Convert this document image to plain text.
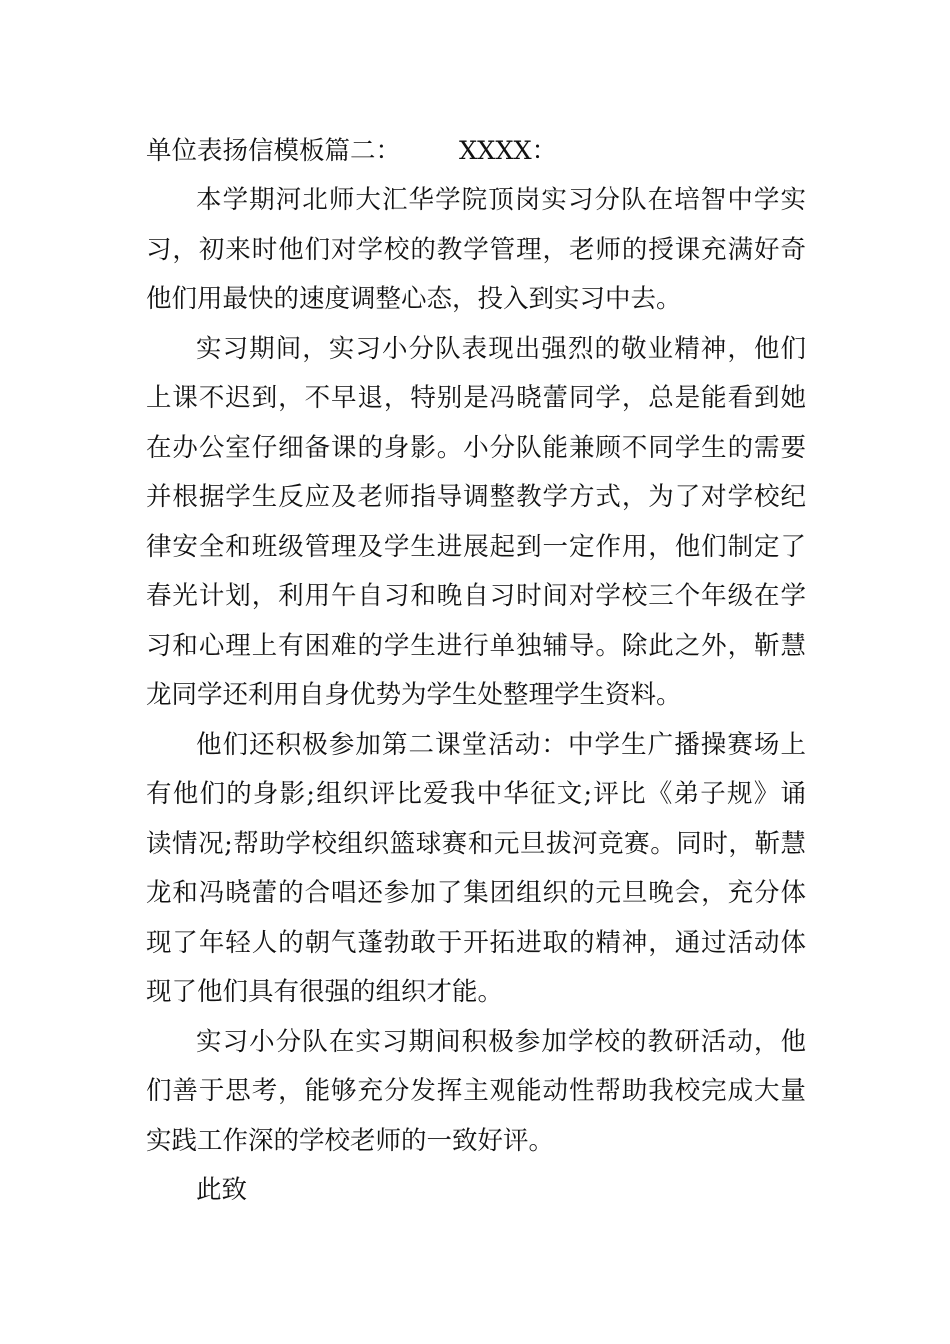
单位表扬信模板篇二： XXXX：
本学期河北师大汇华学院顶岗实习分队在培智中学实
习，初来时他们对学校的教学管理，老师的授课充满好奇
他们用最快的速度调整心态，投入到实习中去。
实习期间，实习小分队表现出强烈的敬业精神，他们
上课不迟到，不早退，特别是冯晓蕾同学，总是能看到她
在办公室仔细备课的身影。小分队能兼顾不同学生的需要
并根据学生反应及老师指导调整教学方式，为了对学校纪
律安全和班级管理及学生进展起到一定作用，他们制定了
春光计划，利用午自习和晚自习时间对学校三个年级在学
习和心理上有困难的学生进行单独辅导。除此之外，靳慧
龙同学还利用自身优势为学生处整理学生资料。
他们还积极参加第二课堂活动：中学生广播操赛场上
有他们的身影;组织评比爱我中华征文;评比《弟子规》诵
读情况;帮助学校组织篮球赛和元旦拔河竞赛。同时，靳慧
龙和冯晓蕾的合唱还参加了集团组织的元旦晚会，充分体
现了年轻人的朝气蓬勃敢于开拓进取的精神，通过活动体
现了他们具有很强的组织才能。
实习小分队在实习期间积极参加学校的教研活动，他
们善于思考，能够充分发挥主观能动性帮助我校完成大量
实践工作深的学校老师的一致好评。
此致
